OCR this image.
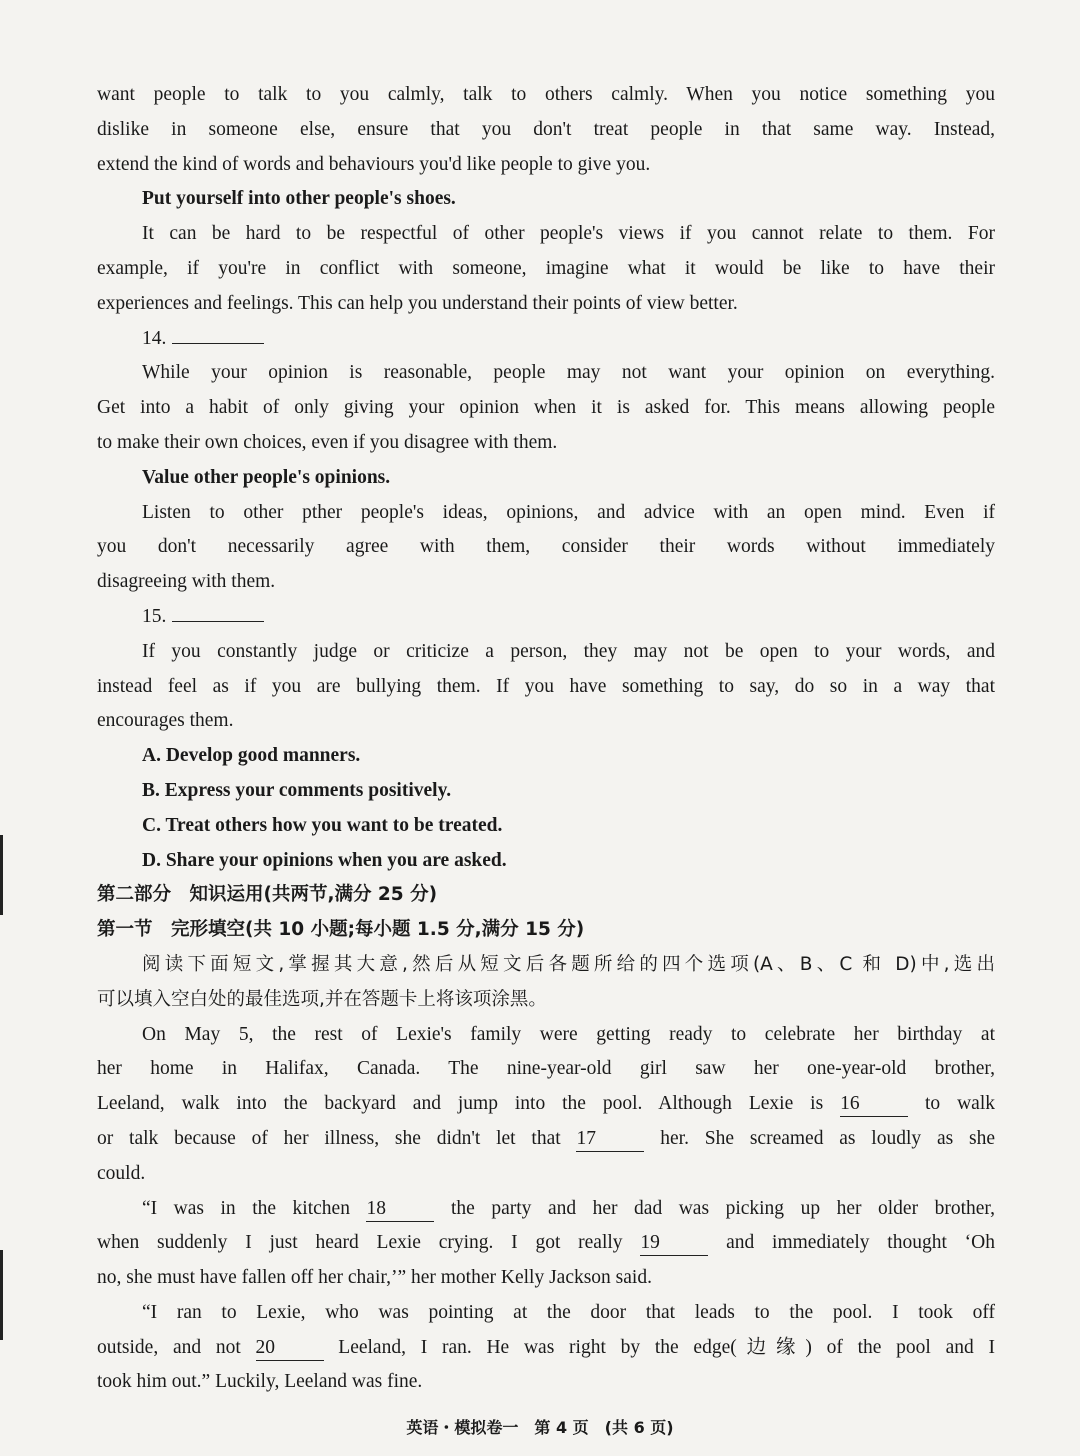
want people to talk to you calmly, talk to others calmly. When you notice something you
dislike in someone else, ensure that you don't treat people in that same way. Instead,
extend the kind of words and behaviours you'd like people to give you.
Put yourself into other people's shoes.
It can be hard to be respectful of other people's views if you cannot relate to them. For
example, if you're in conflict with someone, imagine what it would be like to have their
experiences and feelings. This can help you understand their points of view better.
14.
While your opinion is reasonable, people may not want your opinion on everything.
Get into a habit of only giving your opinion when it is asked for. This means allowing people
to make their own choices, even if you disagree with them.
Value other people's opinions.
Listen to other pther people's ideas, opinions, and advice with an open mind. Even if
you don't necessarily agree with them, consider their words without immediately
disagreeing with them.
15.
If you constantly judge or criticize a person, they may not be open to your words, and
instead feel as if you are bullying them. If you have something to say, do so in a way that
encourages them.
A. Develop good manners.
B. Express your comments positively.
C. Treat others how you want to be treated.
D. Share your opinions when you are asked.
第二部分　知识运用(共两节,满分 25 分)
第一节　完形填空(共 10 小题;每小题 1.5 分,满分 15 分)
阅读下面短文,掌握其大意,然后从短文后各题所给的四个选项(A、B、C 和 D)中,选出
可以填入空白处的最佳选项,并在答题卡上将该项涂黑。
On May 5, the rest of Lexie's family were getting ready to celebrate her birthday at
her home in Halifax, Canada. The nine-year-old girl saw her one-year-old brother,
Leeland, walk into the backyard and jump into the pool. Although Lexie is 16	to walk
or talk because of her illness, she didn't let that 17	her. She screamed as loudly as she
could.
“I was in the kitchen 18	the party and her dad was picking up her older brother,
when suddenly I just heard Lexie crying. I got really 19	and immediately thought ‘Oh
no, she must have fallen off her chair,’” her mother Kelly Jackson said.
“I ran to Lexie, who was pointing at the door that leads to the pool. I took off
outside, and not 20	Leeland, I ran. He was right by the edge(边缘) of the pool and I
took him out.” Luckily, Leeland was fine.
英语・模拟卷一　第 4 页　(共 6 页)
